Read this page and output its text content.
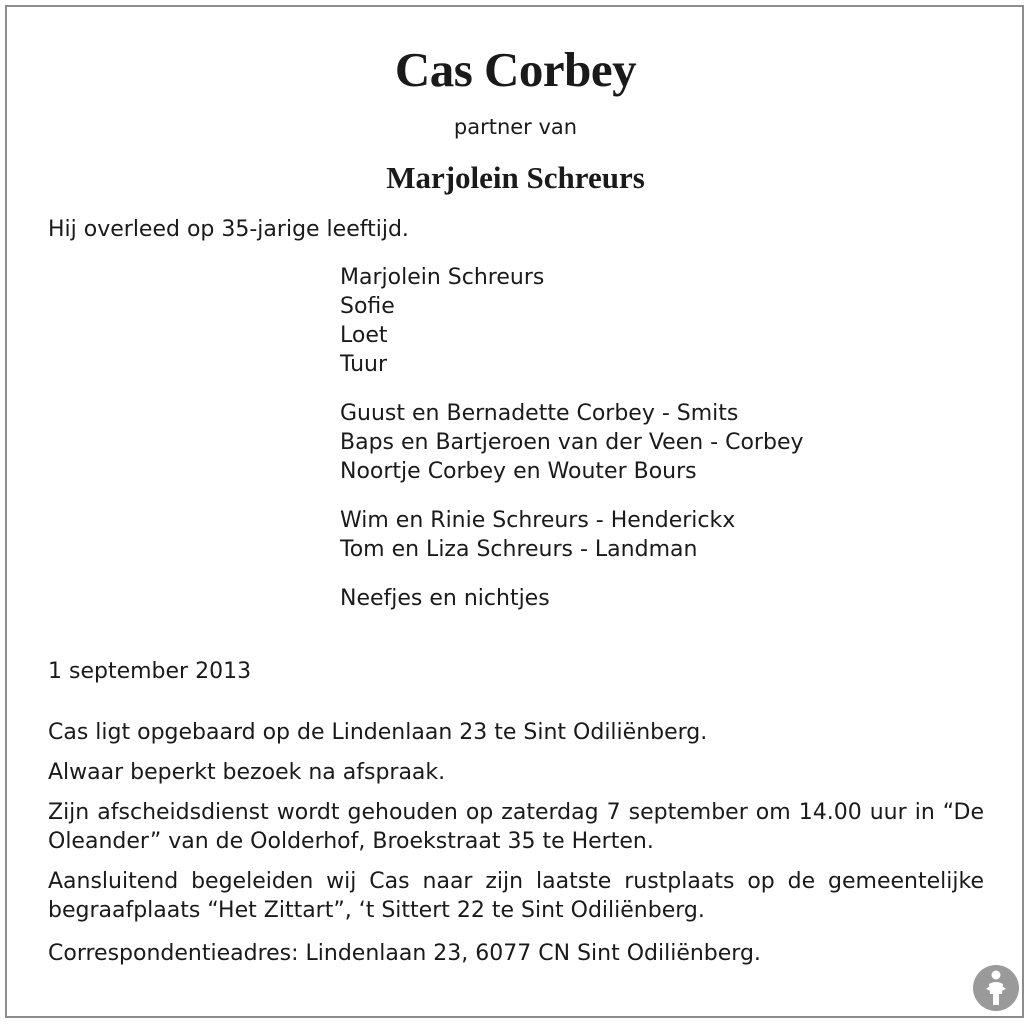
Cas Corbey
partner van
Marjolein Schreurs
Hij overleed op 35-jarige leeftijd.
Marjolein Schreurs
Sofie
Loet
Tuur
Guust en Bernadette Corbey - Smits
Baps en Bartjeroen van der Veen - Corbey
Noortje Corbey en Wouter Bours
Wim en Rinie Schreurs - Henderickx
Tom en Liza Schreurs - Landman
Neefjes en nichtjes
1 september 2013

Cas ligt opgebaard op de Lindenlaan 23 te Sint Odiliënberg.

Alwaar beperkt bezoek na afspraak.

Zijn afscheidsdienst wordt gehouden op zaterdag 7 september om 14.00 uur in “De Oleander” van de Oolderhof, Broekstraat 35 te Herten.

Aansluitend begeleiden wij Cas naar zijn laatste rustplaats op de gemeentelijke begraafplaats “Het Zittart”, ‘t Sittert 22 te Sint Odiliënberg.

Correspondentieadres: Lindenlaan 23, 6077 CN Sint Odiliënberg.
